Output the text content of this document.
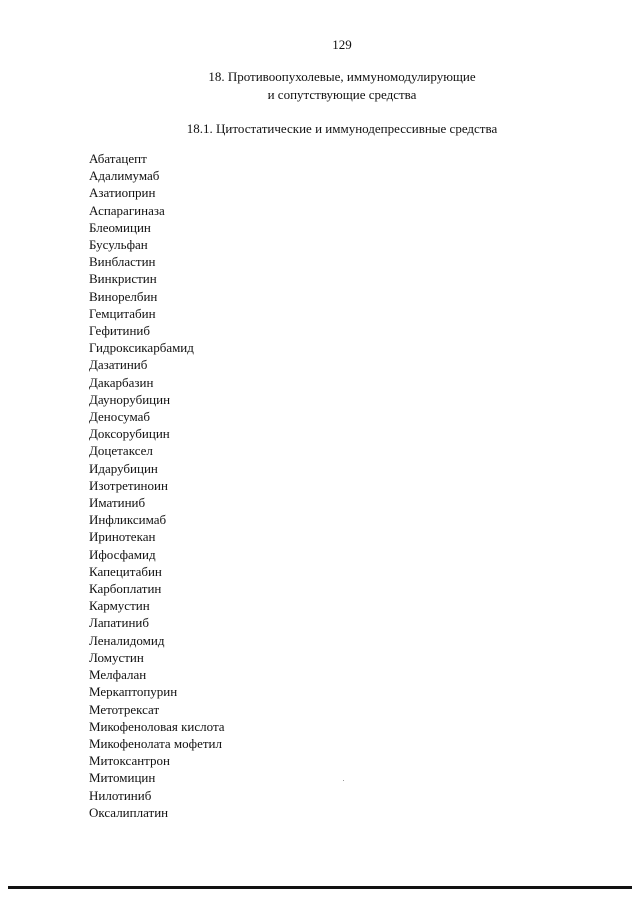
129
18. Противоопухолевые, иммуномодулирующие
и сопутствующие средства
18.1. Цитостатические и иммунодепрессивные средства
Абатацепт
Адалимумаб
Азатиоприн
Аспарагиназа
Блеомицин
Бусульфан
Винбластин
Винкристин
Винорелбин
Гемцитабин
Гефитиниб
Гидроксикарбамид
Дазатиниб
Дакарбазин
Даунорубицин
Деносумаб
Доксорубицин
Доцетаксел
Идарубицин
Изотретиноин
Иматиниб
Инфликсимаб
Иринотекан
Ифосфамид
Капецитабин
Карбоплатин
Кармустин
Лапатиниб
Леналидомид
Ломустин
Мелфалан
Меркаптопурин
Метотрексат
Микофеноловая кислота
Микофенолата мофетил
Митоксантрон
Митомицин
Нилотиниб
Оксалиплатин
